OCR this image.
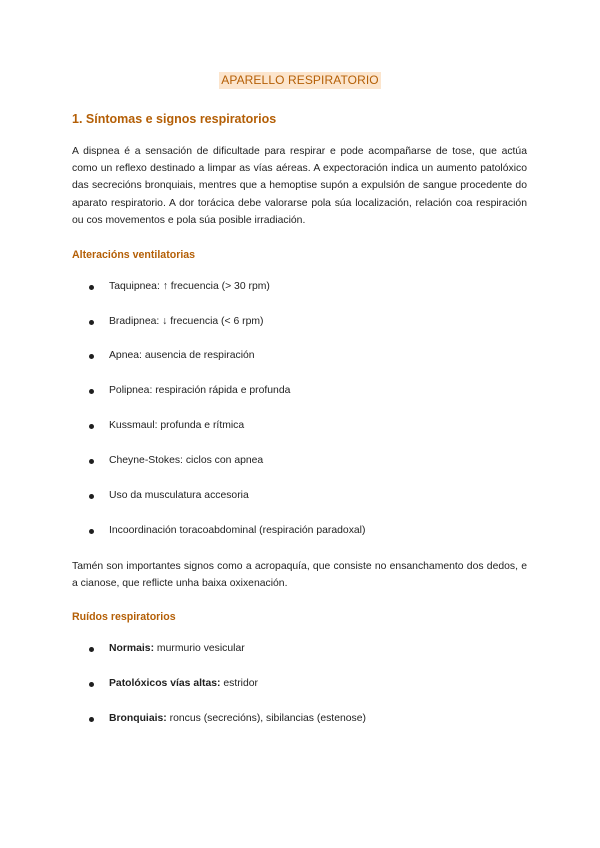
APARELLO RESPIRATORIO
1. Síntomas e signos respiratorios
A dispnea é a sensación de dificultade para respirar e pode acompañarse de tose, que actúa como un reflexo destinado a limpar as vías aéreas. A expectoración indica un aumento patolóxico das secrecións bronquiais, mentres que a hemoptise supón a expulsión de sangue procedente do aparato respiratorio. A dor torácica debe valorarse pola súa localización, relación coa respiración ou cos movementos e pola súa posible irradiación.
Alteracións ventilatorias
Taquipnea: ↑ frecuencia (> 30 rpm)
Bradipnea: ↓ frecuencia (< 6 rpm)
Apnea: ausencia de respiración
Polipnea: respiración rápida e profunda
Kussmaul: profunda e rítmica
Cheyne-Stokes: ciclos con apnea
Uso da musculatura accesoria
Incoordinación toracoabdominal (respiración paradoxal)
Tamén son importantes signos como a acropaquía, que consiste no ensanchamento dos dedos, e a cianose, que reflicte unha baixa oxixenación.
Ruídos respiratorios
Normais: murmurio vesicular
Patolóxicos vías altas: estridor
Bronquiais: roncus (secrecións), sibilancias (estenose)
